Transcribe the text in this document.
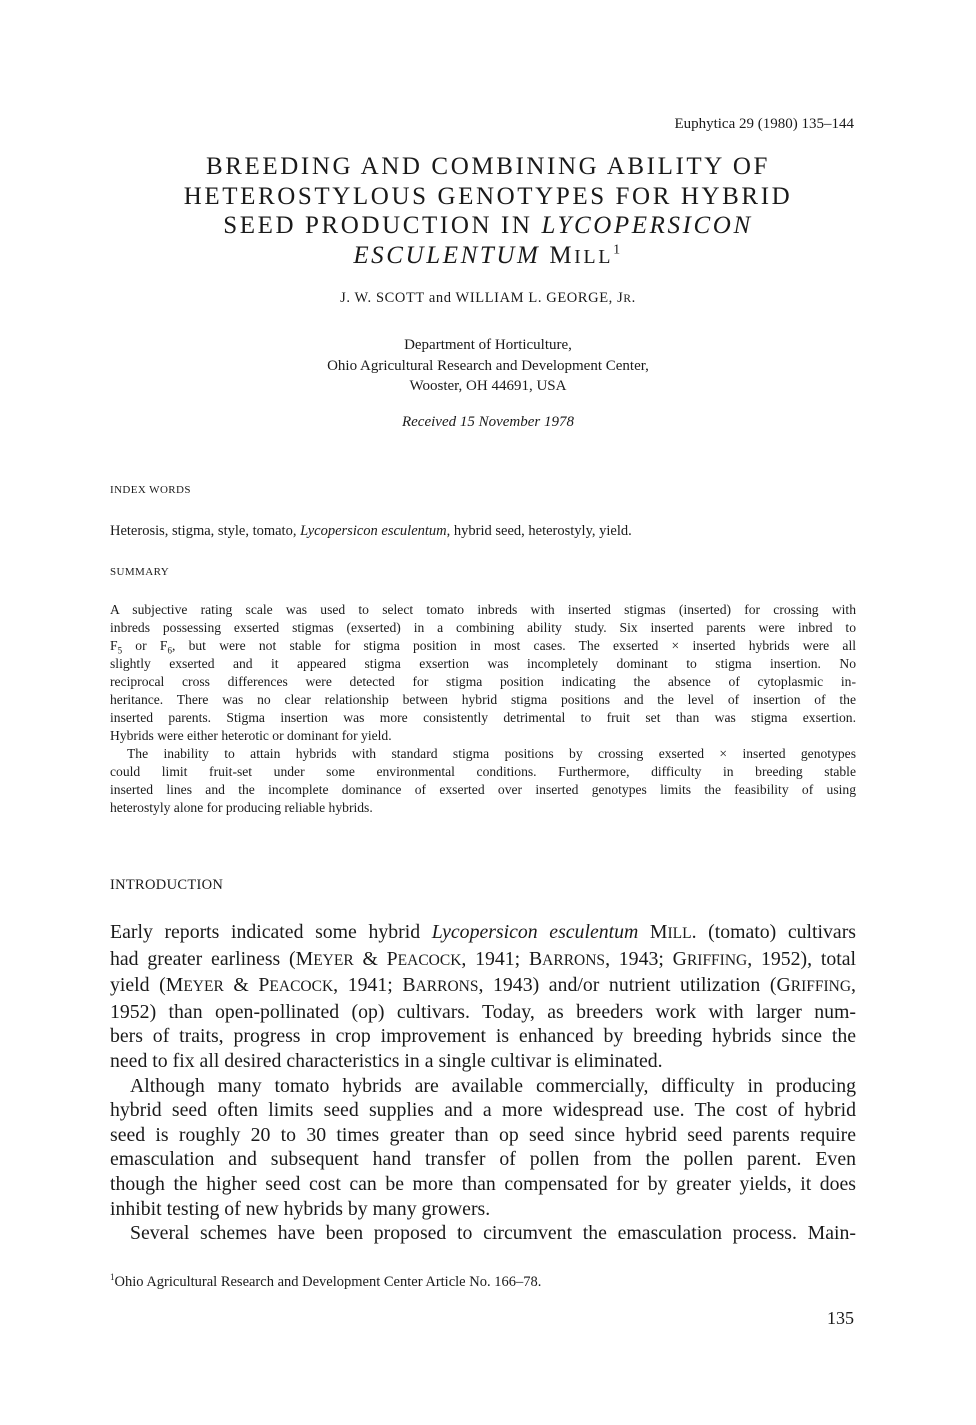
Euphytica 29 (1980) 135–144
BREEDING AND COMBINING ABILITY OF
HETEROSTYLOUS GENOTYPES FOR HYBRID
SEED PRODUCTION IN LYCOPERSICON
ESCULENTUM MILL$^1$
J. W. SCOTT and WILLIAM L. GEORGE, JR.
Department of Horticulture,
Ohio Agricultural Research and Development Center,
Wooster, OH 44691, USA
Received 15 November 1978
INDEX WORDS
Heterosis, stigma, style, tomato, Lycopersicon esculentum, hybrid seed, heterostyly, yield.
SUMMARY

A subjective rating scale was used to select tomato inbreds with inserted stigmas (inserted) for crossing with
inbreds possessing exserted stigmas (exserted) in a combining ability study. Six inserted parents were inbred to
$F_5$ or $F_6$, but were not stable for stigma position in most cases. The exserted × inserted hybrids were all
slightly exserted and it appeared stigma exsertion was incompletely dominant to stigma insertion. No
reciprocal cross differences were detected for stigma position indicating the absence of cytoplasmic in-
heritance. There was no clear relationship between hybrid stigma positions and the level of insertion of the
inserted parents. Stigma insertion was more consistently detrimental to fruit set than was stigma exsertion.
Hybrids were either heterotic or dominant for yield.

The inability to attain hybrids with standard stigma positions by crossing exserted × inserted genotypes
could limit fruit-set under some environmental conditions. Furthermore, difficulty in breeding stable
inserted lines and the incomplete dominance of exserted over inserted genotypes limits the feasibility of using
heterostyly alone for producing reliable hybrids.

INTRODUCTION
Early reports indicated some hybrid Lycopersicon esculentum MILL. (tomato) cultivars
had greater earliness (MEYER & PEACOCK, 1941; BARRONS, 1943; GRIFFING, 1952), total
yield (MEYER & PEACOCK, 1941; BARRONS, 1943) and/or nutrient utilization (GRIFFING,
1952) than open-pollinated (op) cultivars. Today, as breeders work with larger num-
bers of traits, progress in crop improvement is enhanced by breeding hybrids since the
need to fix all desired characteristics in a single cultivar is eliminated.
Although many tomato hybrids are available commercially, difficulty in producing
hybrid seed often limits seed supplies and a more widespread use. The cost of hybrid
seed is roughly 20 to 30 times greater than op seed since hybrid seed parents require
emasculation and subsequent hand transfer of pollen from the pollen parent. Even
though the higher seed cost can be more than compensated for by greater yields, it does
inhibit testing of new hybrids by many growers.
Several schemes have been proposed to circumvent the emasculation process. Main-
$^1$Ohio Agricultural Research and Development Center Article No. 166–78.
135
